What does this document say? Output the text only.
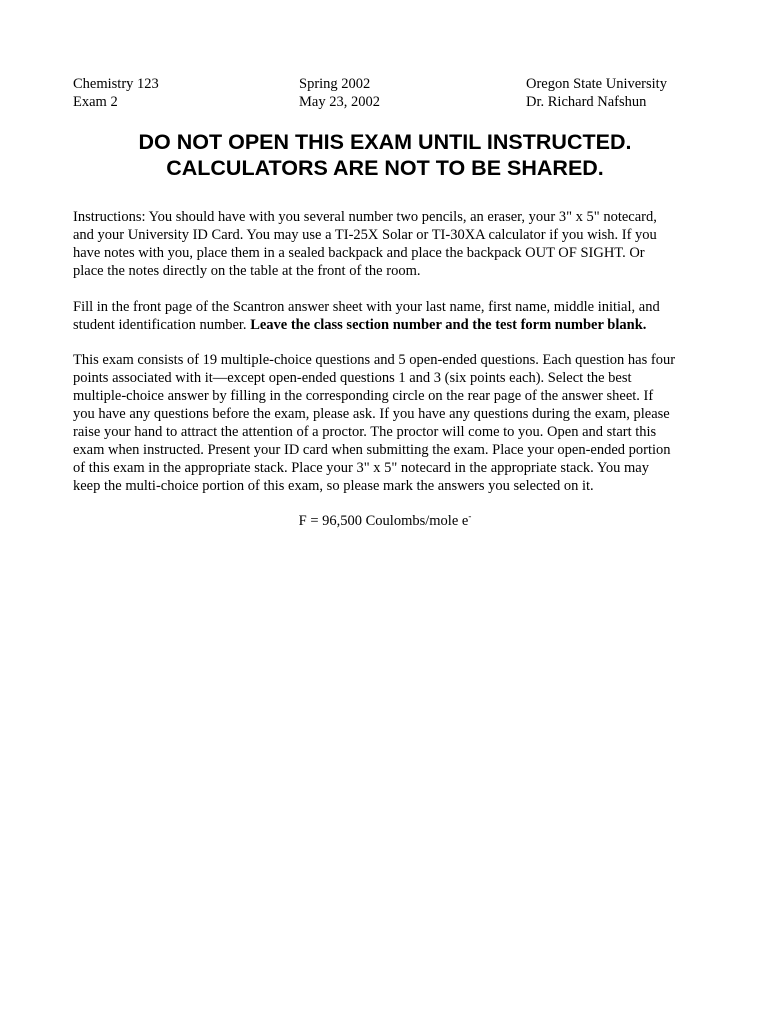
Chemistry 123
Exam 2
Spring 2002
May 23, 2002
Oregon State University
Dr. Richard Nafshun
DO NOT OPEN THIS EXAM UNTIL INSTRUCTED.
CALCULATORS ARE NOT TO BE SHARED.
Instructions: You should have with you several number two pencils, an eraser, your 3" x 5" notecard,
and your University ID Card. You may use a TI-25X Solar or TI-30XA calculator if you wish. If you
have notes with you, place them in a sealed backpack and place the backpack OUT OF SIGHT. Or
place the notes directly on the table at the front of the room.
Fill in the front page of the Scantron answer sheet with your last name, first name, middle initial, and
student identification number. Leave the class section number and the test form number blank.
This exam consists of 19 multiple-choice questions and 5 open-ended questions. Each question has four
points associated with it—except open-ended questions 1 and 3 (six points each). Select the best
multiple-choice answer by filling in the corresponding circle on the rear page of the answer sheet. If
you have any questions before the exam, please ask. If you have any questions during the exam, please
raise your hand to attract the attention of a proctor. The proctor will come to you. Open and start this
exam when instructed. Present your ID card when submitting the exam. Place your open-ended portion
of this exam in the appropriate stack. Place your 3" x 5" notecard in the appropriate stack. You may
keep the multi-choice portion of this exam, so please mark the answers you selected on it.
F = 96,500 Coulombs/mole e-
